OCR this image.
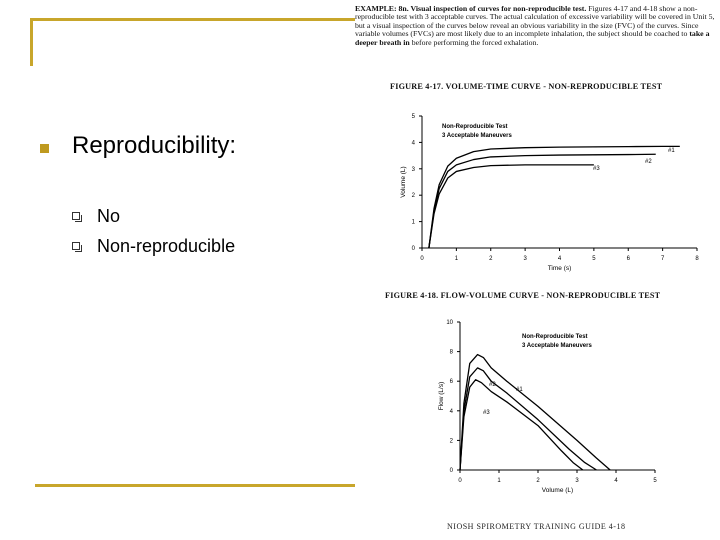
Reproducibility:
No
Non-reproducible
EXAMPLE: 8n. Visual inspection of curves for non-reproducible test. Figures 4-17 and 4-18 show a non-reproducible test with 3 acceptable curves. The actual calculation of excessive variability will be covered in Unit 5, but a visual inspection of the curves below reveal an obvious variability in the size (FVC) of the curves. Since variable volumes (FVCs) are most likely due to an incomplete inhalation, the subject should be coached to take a deeper breath in before performing the forced exhalation.
FIGURE 4-17. VOLUME-TIME CURVE - NON-REPRODUCIBLE TEST
FIGURE 4-18. FLOW-VOLUME CURVE - NON-REPRODUCIBLE TEST
0	1	2	3	4	5	6	7	8
0
1
2
3
4
5
Time (s)
Volume (L)
#1
#2
#3
Non-Reproducible Test
3 Acceptable Maneuvers
0	1	2	3	4	5
0
2
4
6
8
10
Volume (L)
Flow (L/s)	#1
#2
#3
Non-Reproducible Test
3 Acceptable Maneuvers
NIOSH SPIROMETRY TRAINING GUIDE 4-18
